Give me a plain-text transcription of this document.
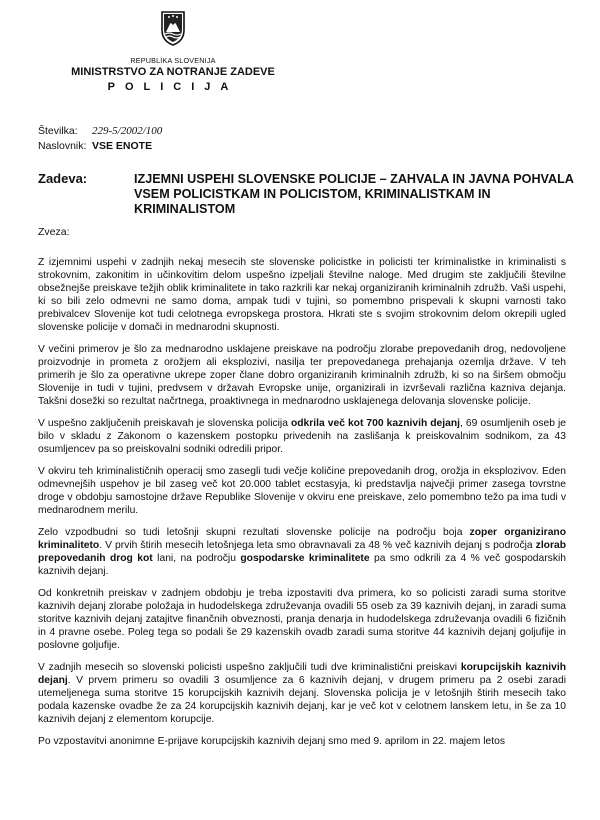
REPUBLIKA SLOVENIJA
MINISTRSTVO ZA NOTRANJE ZADEVE
POLICIJA
Številka: 229-5/2002/100
Naslovnik: VSE ENOTE
Zadeva:	IZJEMNI USPEHI SLOVENSKE POLICIJE – ZAHVALA IN JAVNA POHVALA VSEM POLICISTKAM IN POLICISTOM, KRIMINALISTKAM IN KRIMINALISTOM
Zveza:

Z izjemnimi uspehi v zadnjih nekaj mesecih ste slovenske policistke in policisti ter kriminalistke in kriminalisti s strokovnim, zakonitim in učinkovitim delom uspešno izpeljali številne naloge. Med drugim ste zaključili številne obsežnejše preiskave težjih oblik kriminalitete in tako razkrili kar nekaj organiziranih kriminalnih združb. Vaši uspehi, ki so bili zelo odmevni ne samo doma, ampak tudi v tujini, so pomembno prispevali k skupni varnosti tako prebivalcev Slovenije kot tudi celotnega evropskega prostora. Hkrati ste s svojim strokovnim delom okrepili ugled slovenske policije v domači in mednarodni skupnosti.

V večini primerov je šlo za mednarodno usklajene preiskave na področju zlorabe prepovedanih drog, nedovoljene proizvodnje in prometa z orožjem ali eksplozivi, nasilja ter prepovedanega prehajanja ozemlja države. V teh primerih je šlo za operativne ukrepe zoper člane dobro organiziranih kriminalnih združb, ki so na širšem območju Slovenije in tudi v tujini, predvsem v državah Evropske unije, organizirali in izvrševali različna kazniva dejanja. Takšni dosežki so rezultat načrtnega, proaktivnega in mednarodno usklajenega delovanja slovenske policije.

V uspešno zaključenih preiskavah je slovenska policija odkrila več kot 700 kaznivih dejanj, 69 osumljenih oseb je bilo v skladu z Zakonom o kazenskem postopku privedenih na zaslišanja k preiskovalnim sodnikom, za 43 osumljencev pa so preiskovalni sodniki odredili pripor.

V okviru teh kriminalističnih operacij smo zasegli tudi večje količine prepovedanih drog, orožja in eksplozivov. Eden odmevnejših uspehov je bil zaseg več kot 20.000 tablet ecstasyja, ki predstavlja največji primer zasega tovrstne droge v obdobju samostojne države Republike Slovenije v okviru ene preiskave, zelo pomembno težo pa ima tudi v mednarodnem merilu.

Zelo vzpodbudni so tudi letošnji skupni rezultati slovenske policije na področju boja zoper organizirano kriminaliteto. V prvih štirih mesecih letošnjega leta smo obravnavali za 48 % več kaznivih dejanj s področja zlorab prepovedanih drog kot lani, na področju gospodarske kriminalitete pa smo odkrili za 4 % več gospodarskih kaznivih dejanj.

Od konkretnih preiskav v zadnjem obdobju je treba izpostaviti dva primera, ko so policisti zaradi suma storitve kaznivih dejanj zlorabe položaja in hudodelskega združevanja ovadili 55 oseb za 39 kaznivih dejanj, in zaradi suma storitve kaznivih dejanj zatajitve finančnih obveznosti, pranja denarja in hudodelskega združevanja ovadili 6 fizičnih in 4 pravne osebe. Poleg tega so podali še 29 kazenskih ovadb zaradi suma storitve 44 kaznivih dejanj goljufije in poslovne goljufije.

V zadnjih mesecih so slovenski policisti uspešno zaključili tudi dve kriminalistični preiskavi korupcijskih kaznivih dejanj. V prvem primeru so ovadili 3 osumljence za 6 kaznivih dejanj, v drugem primeru pa 2 osebi zaradi utemeljenega suma storitve 15 korupcijskih kaznivih dejanj. Slovenska policija je v letošnjih štirih mesecih tako podala kazenske ovadbe že za 24 korupcijskih kaznivih dejanj, kar je več kot v celotnem lanskem letu, in še za 10 kaznivih dejanj z elementom korupcije.

Po vzpostavitvi anonimne E-prijave korupcijskih kaznivih dejanj smo med 9. aprilom in 22. majem letos
